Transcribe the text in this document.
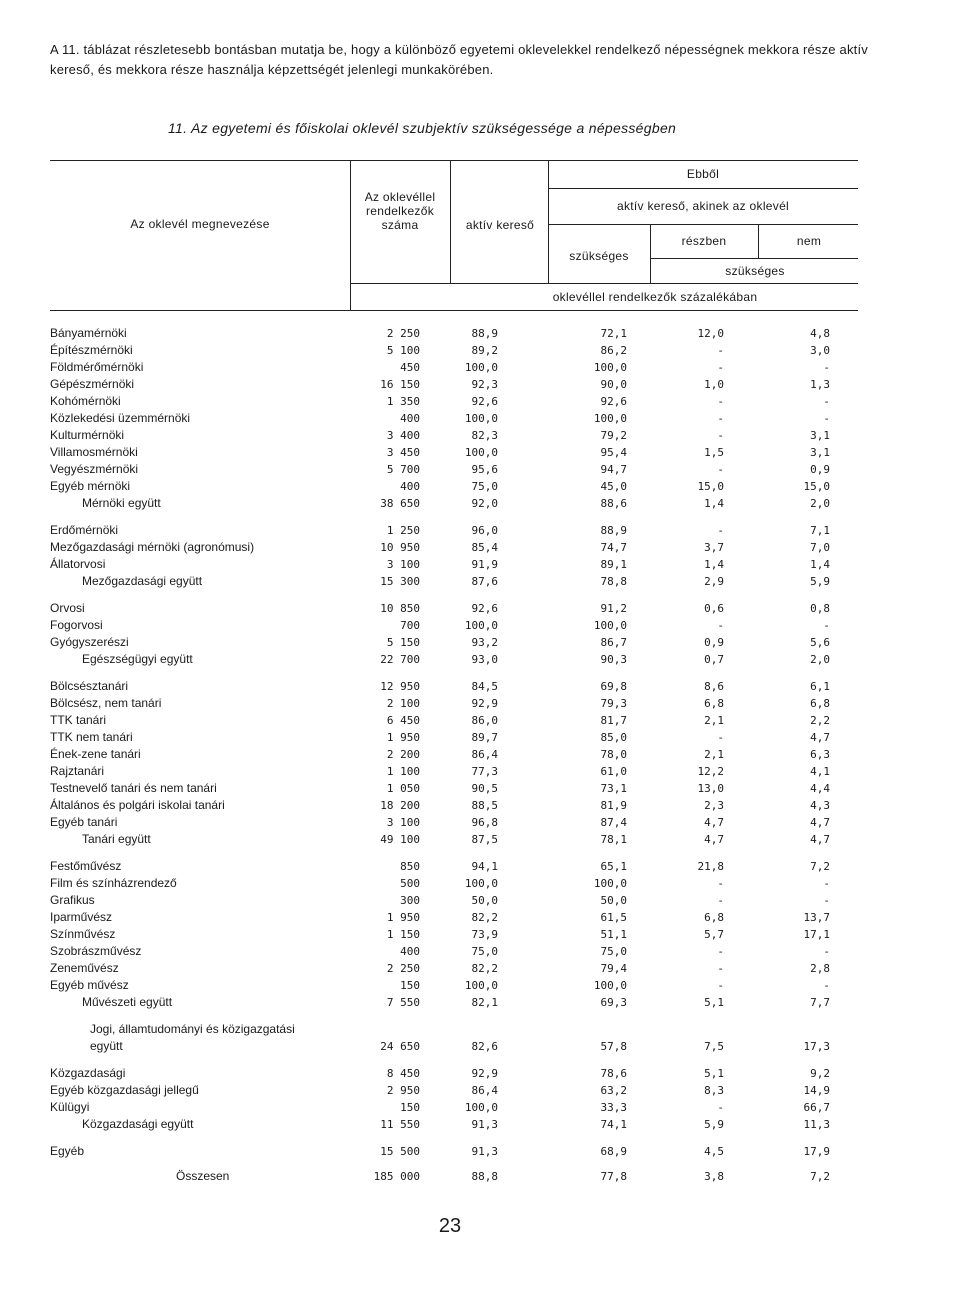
A 11. táblázat részletesebb bontásban mutatja be, hogy a különböző egyetemi oklevelekkel rendelkező népességnek mekkora része aktív kereső, és mekkora része használja képzettségét jelenlegi munkakörében.
11. Az egyetemi és főiskolai oklevél szubjektív szükségessége a népességben
Az oklevél megnevezése
Az oklevéllel rendelkezők száma	aktív kereső
Ebből
aktív kereső, akinek az oklevél
szükséges
részben	nem
szükséges
oklevéllel rendelkezők százalékában
Bányamérnöki	2 250	88,9	72,1	12,0	4,8
Építészmérnöki	5 100	89,2	86,2	-	3,0
Földmérőmérnöki	450	100,0	100,0	-	-
Gépészmérnöki	16 150	92,3	90,0	1,0	1,3
Kohómérnöki	1 350	92,6	92,6	-	-
Közlekedési üzemmérnöki	400	100,0	100,0	-	-
Kulturmérnöki	3 400	82,3	79,2	-	3,1
Villamosmérnöki	3 450	100,0	95,4	1,5	3,1
Vegyészmérnöki	5 700	95,6	94,7	-	0,9
Egyéb mérnöki	400	75,0	45,0	15,0	15,0
Mérnöki együtt	38 650	92,0	88,6	1,4	2,0
Erdőmérnöki	1 250	96,0	88,9	-	7,1
Mezőgazdasági mérnöki (agronómusi)	10 950	85,4	74,7	3,7	7,0
Állatorvosi	3 100	91,9	89,1	1,4	1,4
Mezőgazdasági együtt	15 300	87,6	78,8	2,9	5,9
Orvosi	10 850	92,6	91,2	0,6	0,8
Fogorvosi	700	100,0	100,0	-	-
Gyógyszerészi	5 150	93,2	86,7	0,9	5,6
Egészségügyi együtt	22 700	93,0	90,3	0,7	2,0
Bölcsésztanári	12 950	84,5	69,8	8,6	6,1
Bölcsész, nem tanári	2 100	92,9	79,3	6,8	6,8
TTK tanári	6 450	86,0	81,7	2,1	2,2
TTK nem tanári	1 950	89,7	85,0	-	4,7
Ének-zene tanári	2 200	86,4	78,0	2,1	6,3
Rajztanári	1 100	77,3	61,0	12,2	4,1
Testnevelő tanári és nem tanári	1 050	90,5	73,1	13,0	4,4
Általános és polgári iskolai tanári	18 200	88,5	81,9	2,3	4,3
Egyéb tanári	3 100	96,8	87,4	4,7	4,7
Tanári együtt	49 100	87,5	78,1	4,7	4,7
Festőművész	850	94,1	65,1	21,8	7,2
Film és színházrendező	500	100,0	100,0	-	-
Grafikus	300	50,0	50,0	-	-
Iparművész	1 950	82,2	61,5	6,8	13,7
Színművész	1 150	73,9	51,1	5,7	17,1
Szobrászművész	400	75,0	75,0	-	-
Zeneművész	2 250	82,2	79,4	-	2,8
Egyéb művész	150	100,0	100,0	-	-
Művészeti együtt	7 550	82,1	69,3	5,1	7,7
Jogi, államtudományi és közigazgatási együtt	24 650	82,6	57,8	7,5	17,3
Közgazdasági	8 450	92,9	78,6	5,1	9,2
Egyéb közgazdasági jellegű	2 950	86,4	63,2	8,3	14,9
Külügyi	150	100,0	33,3	-	66,7
Közgazdasági együtt	11 550	91,3	74,1	5,9	11,3
Egyéb	15 500	91,3	68,9	4,5	17,9
Összesen	185 000	88,8	77,8	3,8	7,2
23
